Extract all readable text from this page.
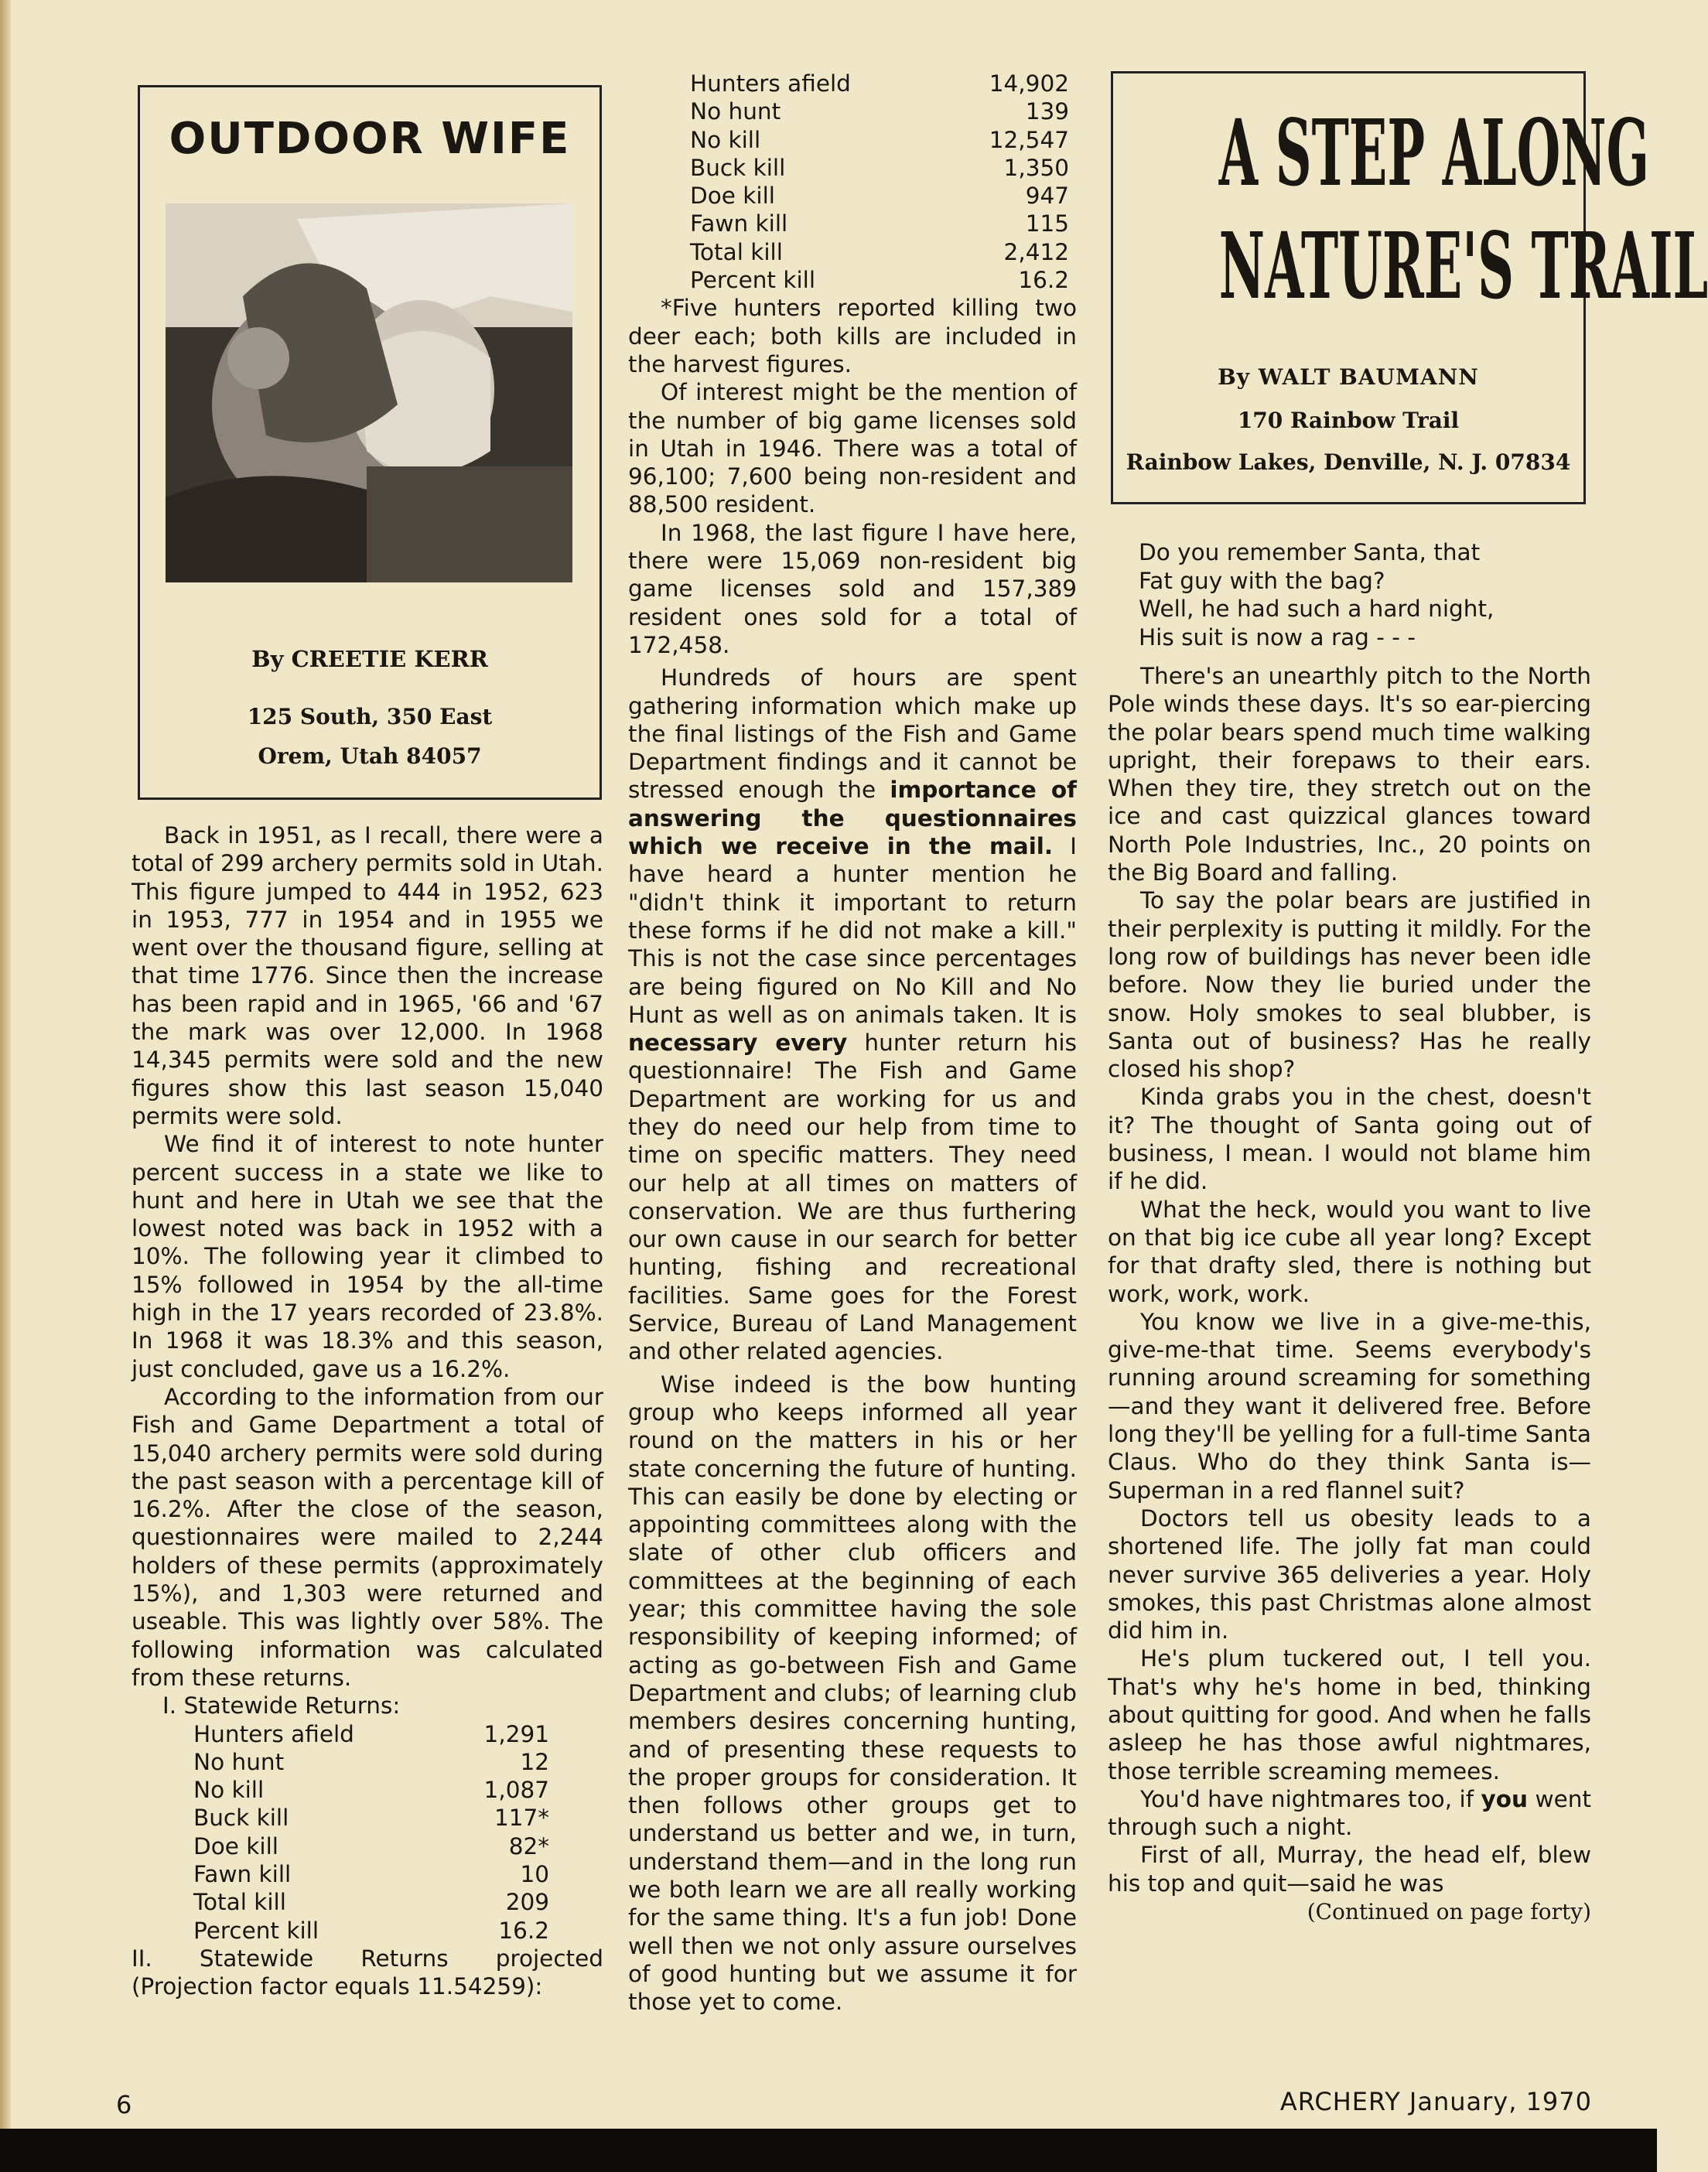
OUTDOOR WIFE
By CREETIE KERR
125 South, 350 East
Orem, Utah 84057

Back in 1951, as I recall, there were a total of 299 archery permits sold in Utah. This figure jumped to 444 in 1952, 623 in 1953, 777 in 1954 and in 1955 we went over the thousand figure, selling at that time 1776. Since then the increase has been rapid and in 1965, '66 and '67 the mark was over 12,000. In 1968 14,345 permits were sold and the new figures show this last season 15,040 permits were sold.

We find it of interest to note hunter percent success in a state we like to hunt and here in Utah we see that the lowest noted was back in 1952 with a 10%. The following year it climbed to 15% followed in 1954 by the all-time high in the 17 years recorded of 23.8%. In 1968 it was 18.3% and this season, just concluded, gave us a 16.2%.

According to the information from our Fish and Game Department a total of 15,040 archery permits were sold during the past season with a percentage kill of 16.2%. After the close of the season, questionnaires were mailed to 2,244 holders of these permits (approximately 15%), and 1,303 were returned and useable. This was lightly over 58%. The following information was calculated from these returns.

I. Statewide Returns:
Hunters afield	1,291
No hunt	12
No kill	1,087
Buck kill	117*
Doe kill	82*
Fawn kill	10
Total kill	209
Percent kill	16.2

II. Statewide Returns projected (Projection factor equals 11.54259):

Hunters afield	14,902
No hunt	139
No kill	12,547
Buck kill	1,350
Doe kill	947
Fawn kill	115
Total kill	2,412
Percent kill	16.2

*Five hunters reported killing two deer each; both kills are included in the harvest figures.

Of interest might be the mention of the number of big game licenses sold in Utah in 1946. There was a total of 96,100; 7,600 being non-resident and 88,500 resident.

In 1968, the last figure I have here, there were 15,069 non-resident big game licenses sold and 157,389 resident ones sold for a total of 172,458.

Hundreds of hours are spent gathering information which make up the final listings of the Fish and Game Department findings and it cannot be stressed enough the importance of answering the questionnaires which we receive in the mail. I have heard a hunter mention he "didn't think it important to return these forms if he did not make a kill." This is not the case since percentages are being figured on No Kill and No Hunt as well as on animals taken. It is necessary every hunter return his questionnaire! The Fish and Game Department are working for us and they do need our help from time to time on specific matters. They need our help at all times on matters of conservation. We are thus furthering our own cause in our search for better hunting, fishing and recreational facilities. Same goes for the Forest Service, Bureau of Land Management and other related agencies.

Wise indeed is the bow hunting group who keeps informed all year round on the matters in his or her state concerning the future of hunting. This can easily be done by electing or appointing committees along with the slate of other club officers and committees at the beginning of each year; this committee having the sole responsibility of keeping informed; of acting as go-between Fish and Game Department and clubs; of learning club members desires concerning hunting, and of presenting these requests to the proper groups for consideration. It then follows other groups get to understand us better and we, in turn, understand them—and in the long run we both learn we are all really working for the same thing. It's a fun job! Done well then we not only assure ourselves of good hunting but we assume it for those yet to come.

A STEP ALONG
NATURE'S TRAIL
By WALT BAUMANN
170 Rainbow Trail
Rainbow Lakes, Denville, N. J. 07834
Do you remember Santa, that
Fat guy with the bag?
Well, he had such a hard night,
His suit is now a rag - - -

There's an unearthly pitch to the North Pole winds these days. It's so ear-piercing the polar bears spend much time walking upright, their forepaws to their ears. When they tire, they stretch out on the ice and cast quizzical glances toward North Pole Industries, Inc., 20 points on the Big Board and falling.

To say the polar bears are justified in their perplexity is putting it mildly. For the long row of buildings has never been idle before. Now they lie buried under the snow. Holy smokes to seal blubber, is Santa out of business? Has he really closed his shop?

Kinda grabs you in the chest, doesn't it? The thought of Santa going out of business, I mean. I would not blame him if he did.

What the heck, would you want to live on that big ice cube all year long? Except for that drafty sled, there is nothing but work, work, work.

You know we live in a give-me-this, give-me-that time. Seems everybody's running around screaming for something—and they want it delivered free. Before long they'll be yelling for a full-time Santa Claus. Who do they think Santa is—Superman in a red flannel suit?

Doctors tell us obesity leads to a shortened life. The jolly fat man could never survive 365 deliveries a year. Holy smokes, this past Christmas alone almost did him in.

He's plum tuckered out, I tell you. That's why he's home in bed, thinking about quitting for good. And when he falls asleep he has those awful nightmares, those terrible screaming memees.

You'd have nightmares too, if you went through such a night.

First of all, Murray, the head elf, blew his top and quit—said he was

(Continued on page forty)
6	ARCHERY January, 1970
